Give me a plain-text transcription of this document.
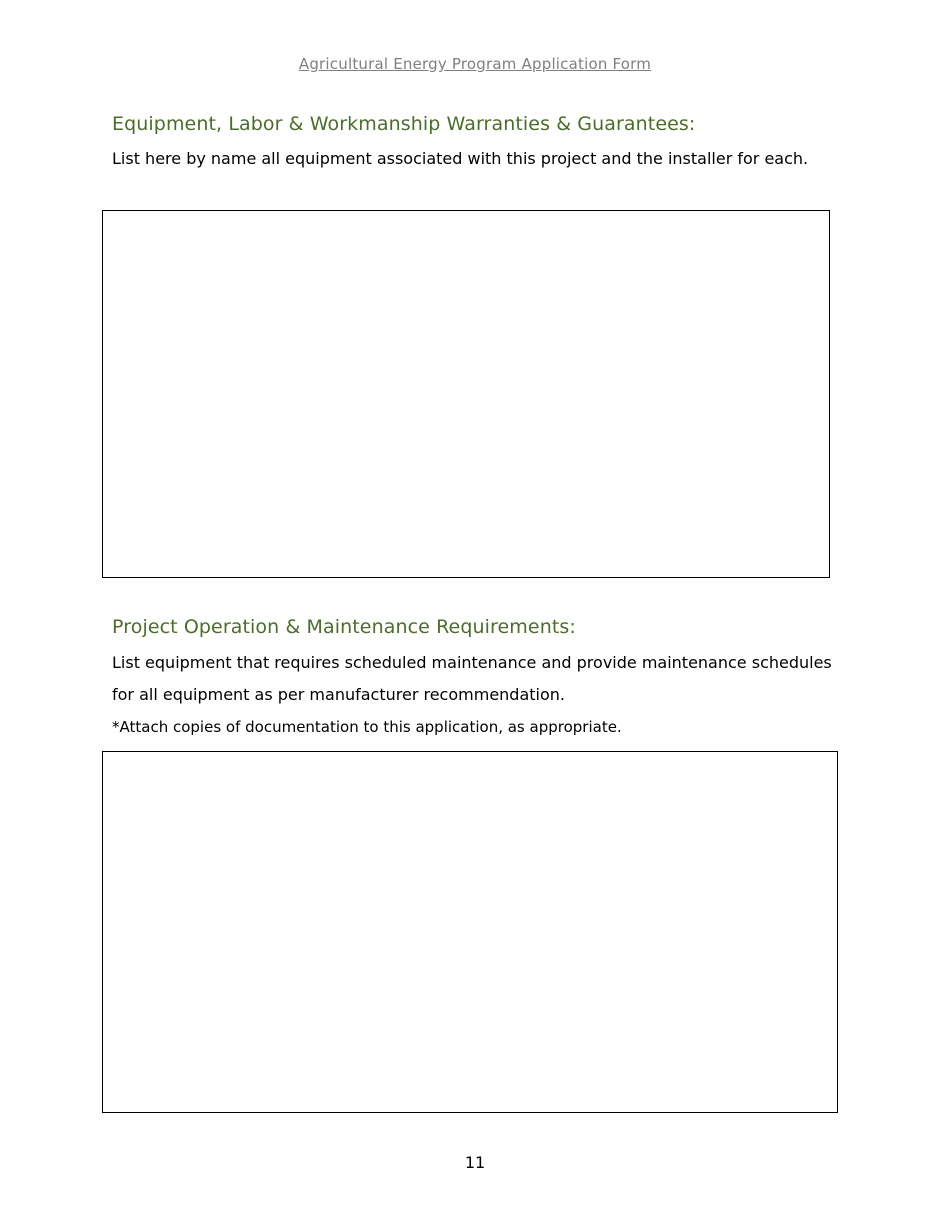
Agricultural Energy Program Application Form
Equipment, Labor & Workmanship Warranties & Guarantees:
List here by name all equipment associated with this project and the installer for each.
Project Operation & Maintenance Requirements:
List equipment that requires scheduled maintenance and provide maintenance schedules
for all equipment as per manufacturer recommendation.
*Attach copies of documentation to this application, as appropriate.
11
